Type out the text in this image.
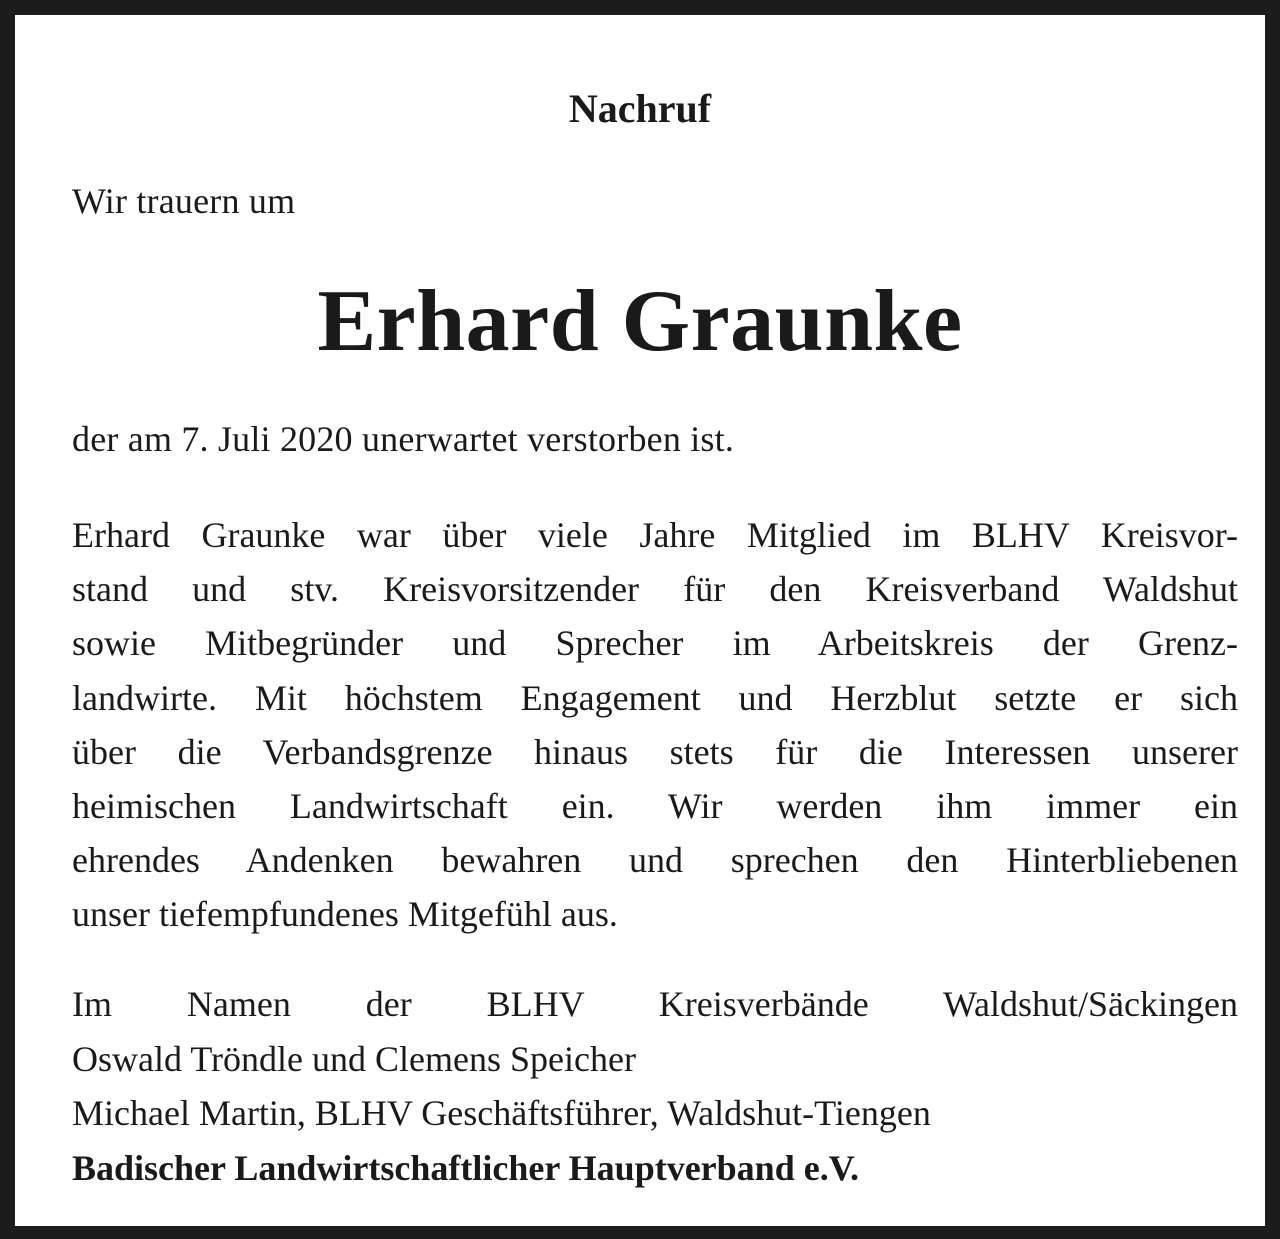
Nachruf
Wir trauern um
Erhard Graunke
der am 7. Juli 2020 unerwartet verstorben ist.
Erhard Graunke war über viele Jahre Mitglied im BLHV Kreisvor-
stand und stv. Kreisvorsitzender für den Kreisverband Waldshut
sowie Mitbegründer und Sprecher im Arbeitskreis der Grenz-
landwirte. Mit höchstem Engagement und Herzblut setzte er sich
über die Verbandsgrenze hinaus stets für die Interessen unserer
heimischen Landwirtschaft ein. Wir werden ihm immer ein
ehrendes Andenken bewahren und sprechen den Hinterbliebenen
unser tiefempfundenes Mitgefühl aus.
Im Namen der BLHV Kreisverbände Waldshut/Säckingen
Oswald Tröndle und Clemens Speicher
Michael Martin, BLHV Geschäftsführer, Waldshut-Tiengen
Badischer Landwirtschaftlicher Hauptverband e.V.
